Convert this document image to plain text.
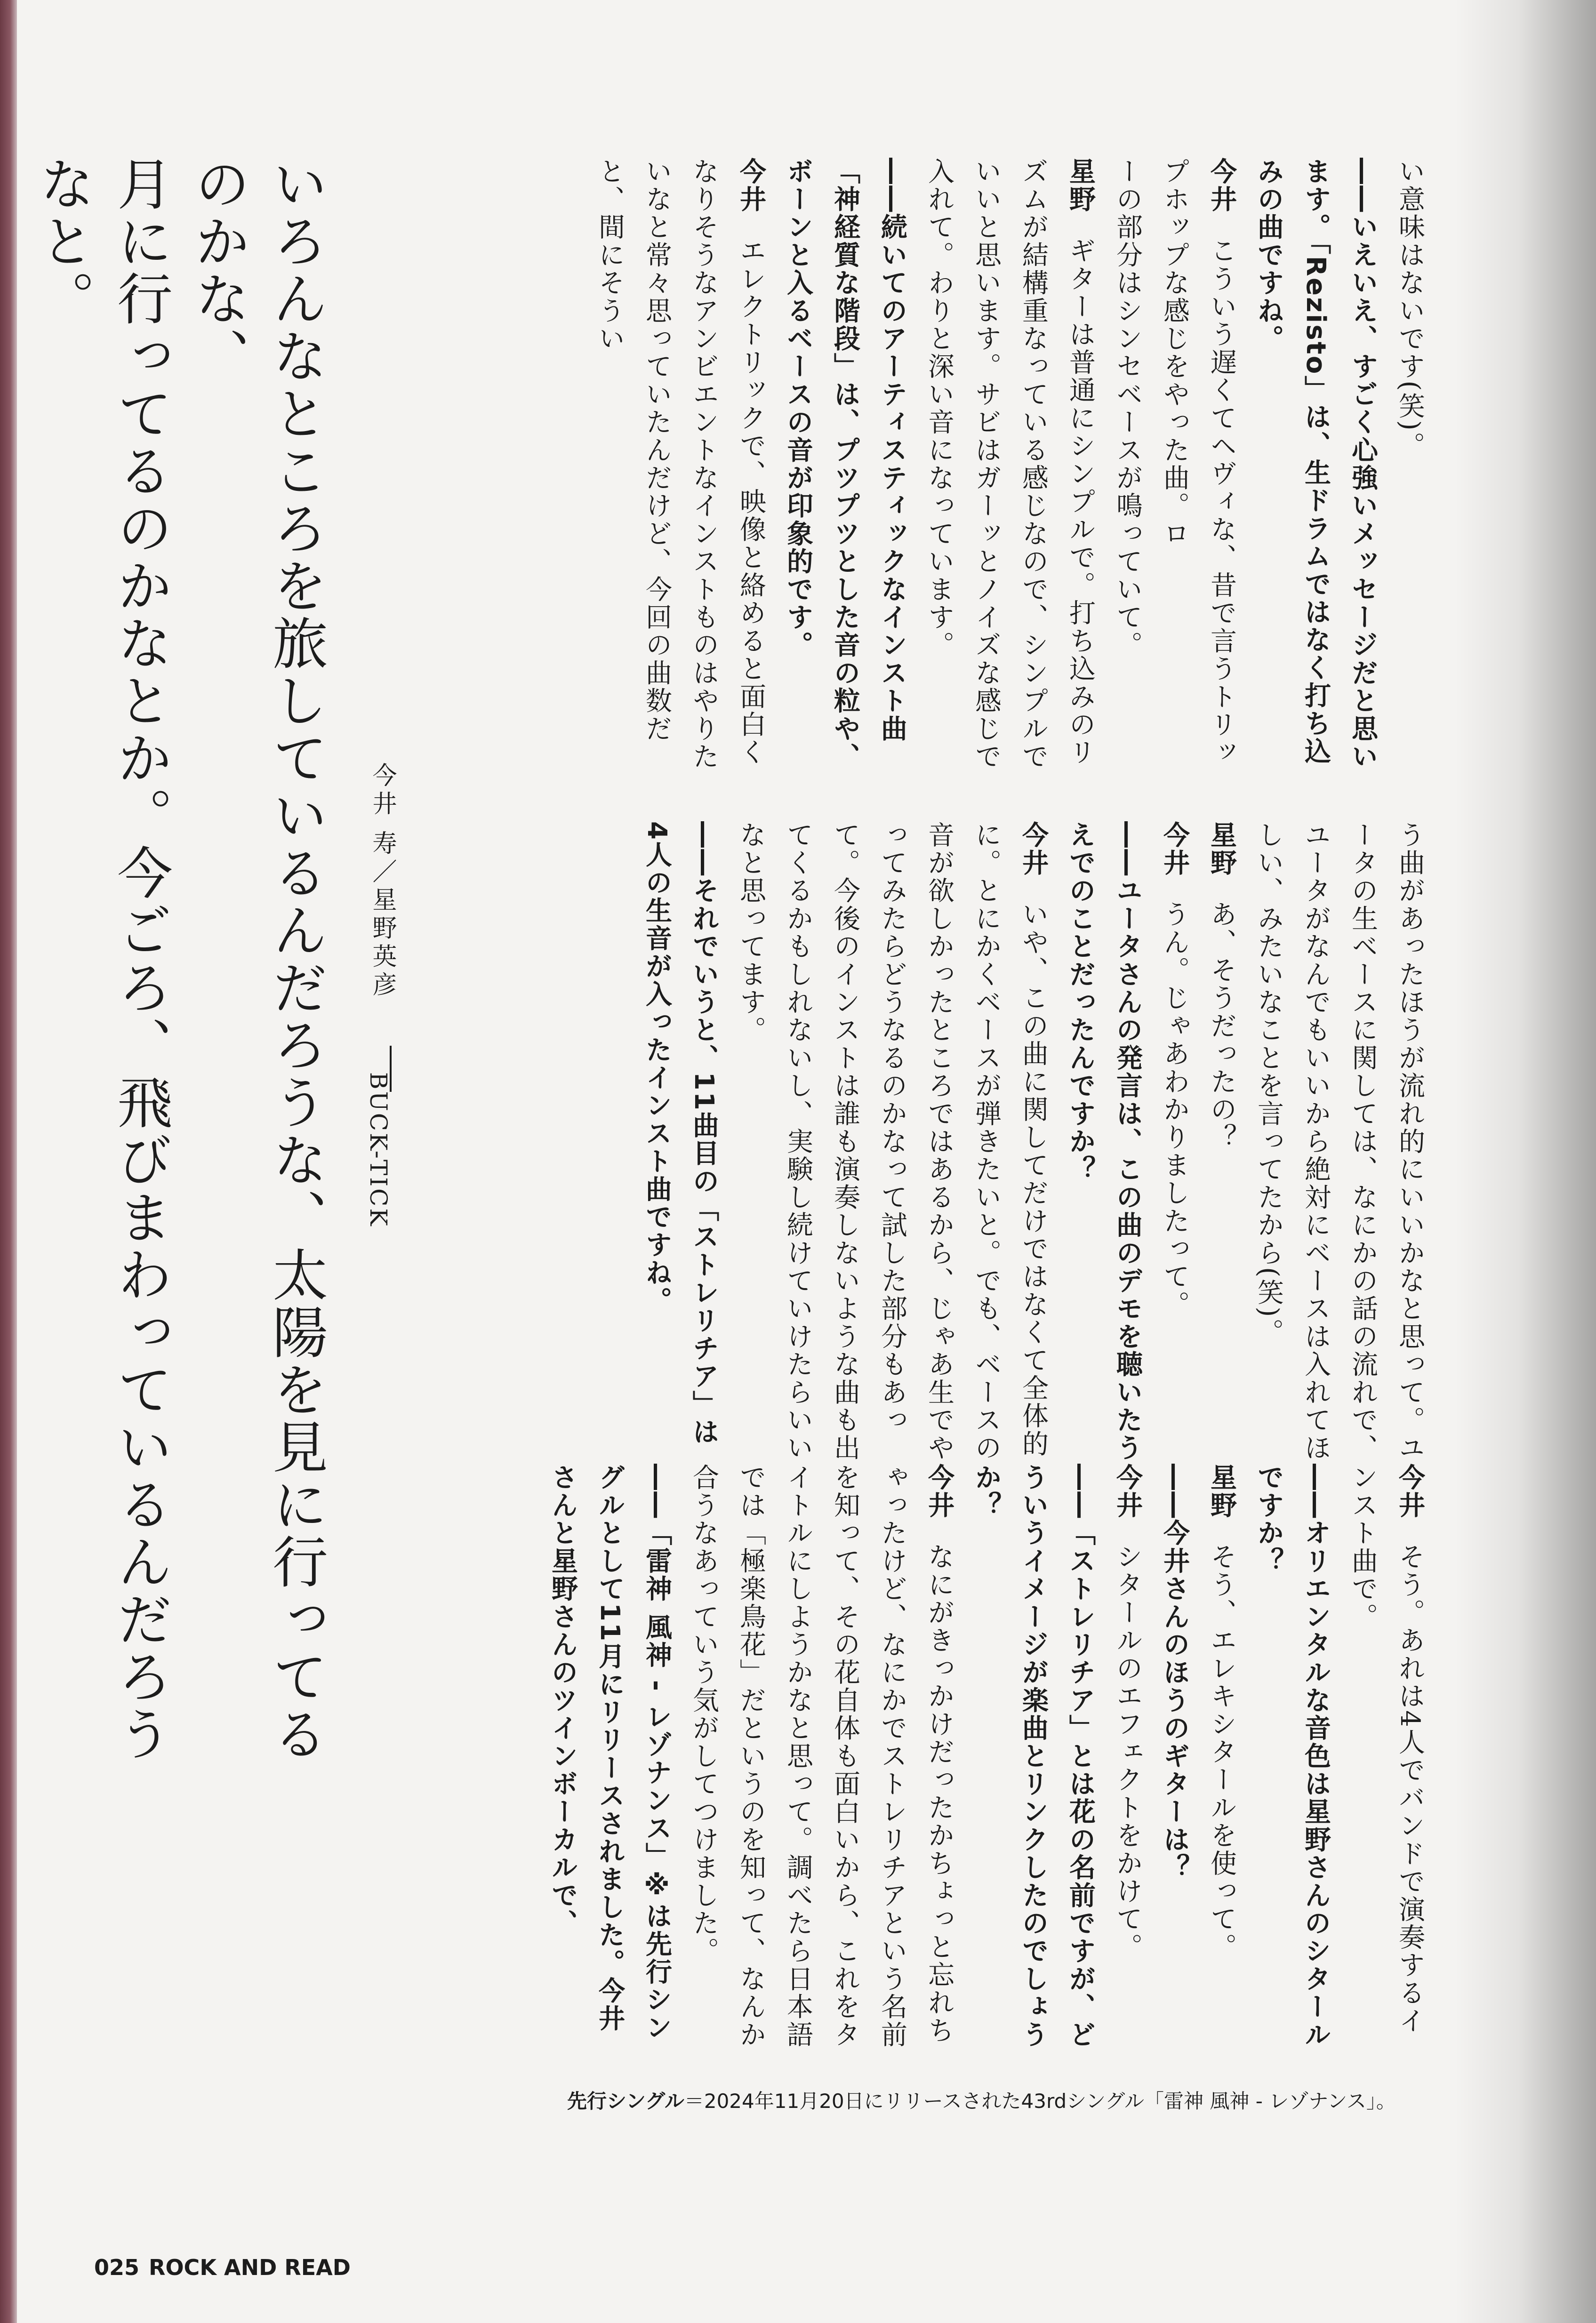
い意味はないです(笑)。
――いえいえ、すごく心強いメッセージだと思います。「Rezisto」は、生ドラムではなく打ち込みの曲ですね。
今井こういう遅くてヘヴィな、昔で言うトリップホップな感じをやった曲。ロ
ーの部分はシンセベースが鳴っていて。
星野ギターは普通にシンプルで。打ち込みのリズムが結構重なっている感じなので、シンプルでいいと思います。サビはガーッとノイズな感じで入れて。わりと深い音になっています。
――続いてのアーティスティックなインスト曲「神経質な階段」は、プツプツとした音の粒や、ボーンと入るベースの音が印象的です。
今井エレクトリックで、映像と絡めると面白くなりそうなアンビエントなインストものはやりたいなと常々思っていたんだけど、今回の曲数だと、間にそうい
う曲があったほうが流れ的にいいかなと思って。ユータの生ベースに関しては、なにかの話の流れで、ユータがなんでもいいから絶対にベースは入れてほしい、みたいなことを言ってたから(笑)。
星野あ、そうだったの？
今井うん。じゃあわかりましたって。
――ユータさんの発言は、この曲のデモを聴いたうえでのことだったんですか？
今井いや、この曲に関してだけではなくて全体的に。とにかくベースが弾きたいと。でも、ベースの音が欲しかったところではあるから、じゃあ生でやってみたらどうなるのかなって試した部分もあって。今後のインストは誰も演奏しないような曲も出てくるかもしれないし、実験し続けていけたらいいなと思ってます。
――それでいうと、11曲目の「ストレリチア」は4人の生音が入ったインスト曲ですね。
今井そう。あれは4人でバンドで演奏するインスト曲で。
――オリエンタルな音色は星野さんのシタールですか？
星野そう、エレキシタールを使って。
――今井さんのほうのギターは？
今井シタールのエフェクトをかけて。
――「ストレリチア」とは花の名前ですが、どういうイメージが楽曲とリンクしたのでしょうか？
今井なにがきっかけだったかちょっと忘れちゃったけど、なにかでストレリチアという名前を知って、その花自体も面白いから、これをタイトルにしようかなと思って。調べたら日本語では「極楽鳥花」だというのを知って、なんか合うなあっていう気がしてつけました。
――「雷神 風神 - レゾナンス」※は先行シングルとして11月にリリースされました。今井さんと星野さんのツインボーカルで、
いろんなところを旅しているんだろうな、太陽を見に行ってるのかな、
月に行ってるのかなとか。今ごろ、飛びまわっているんだろうなと。
今井 寿／星野英彦
BUCK-TICK
先行シングル＝2024年11月20日にリリースされた43rdシングル「雷神 風神 - レゾナンス」。
025 ROCK AND READ
